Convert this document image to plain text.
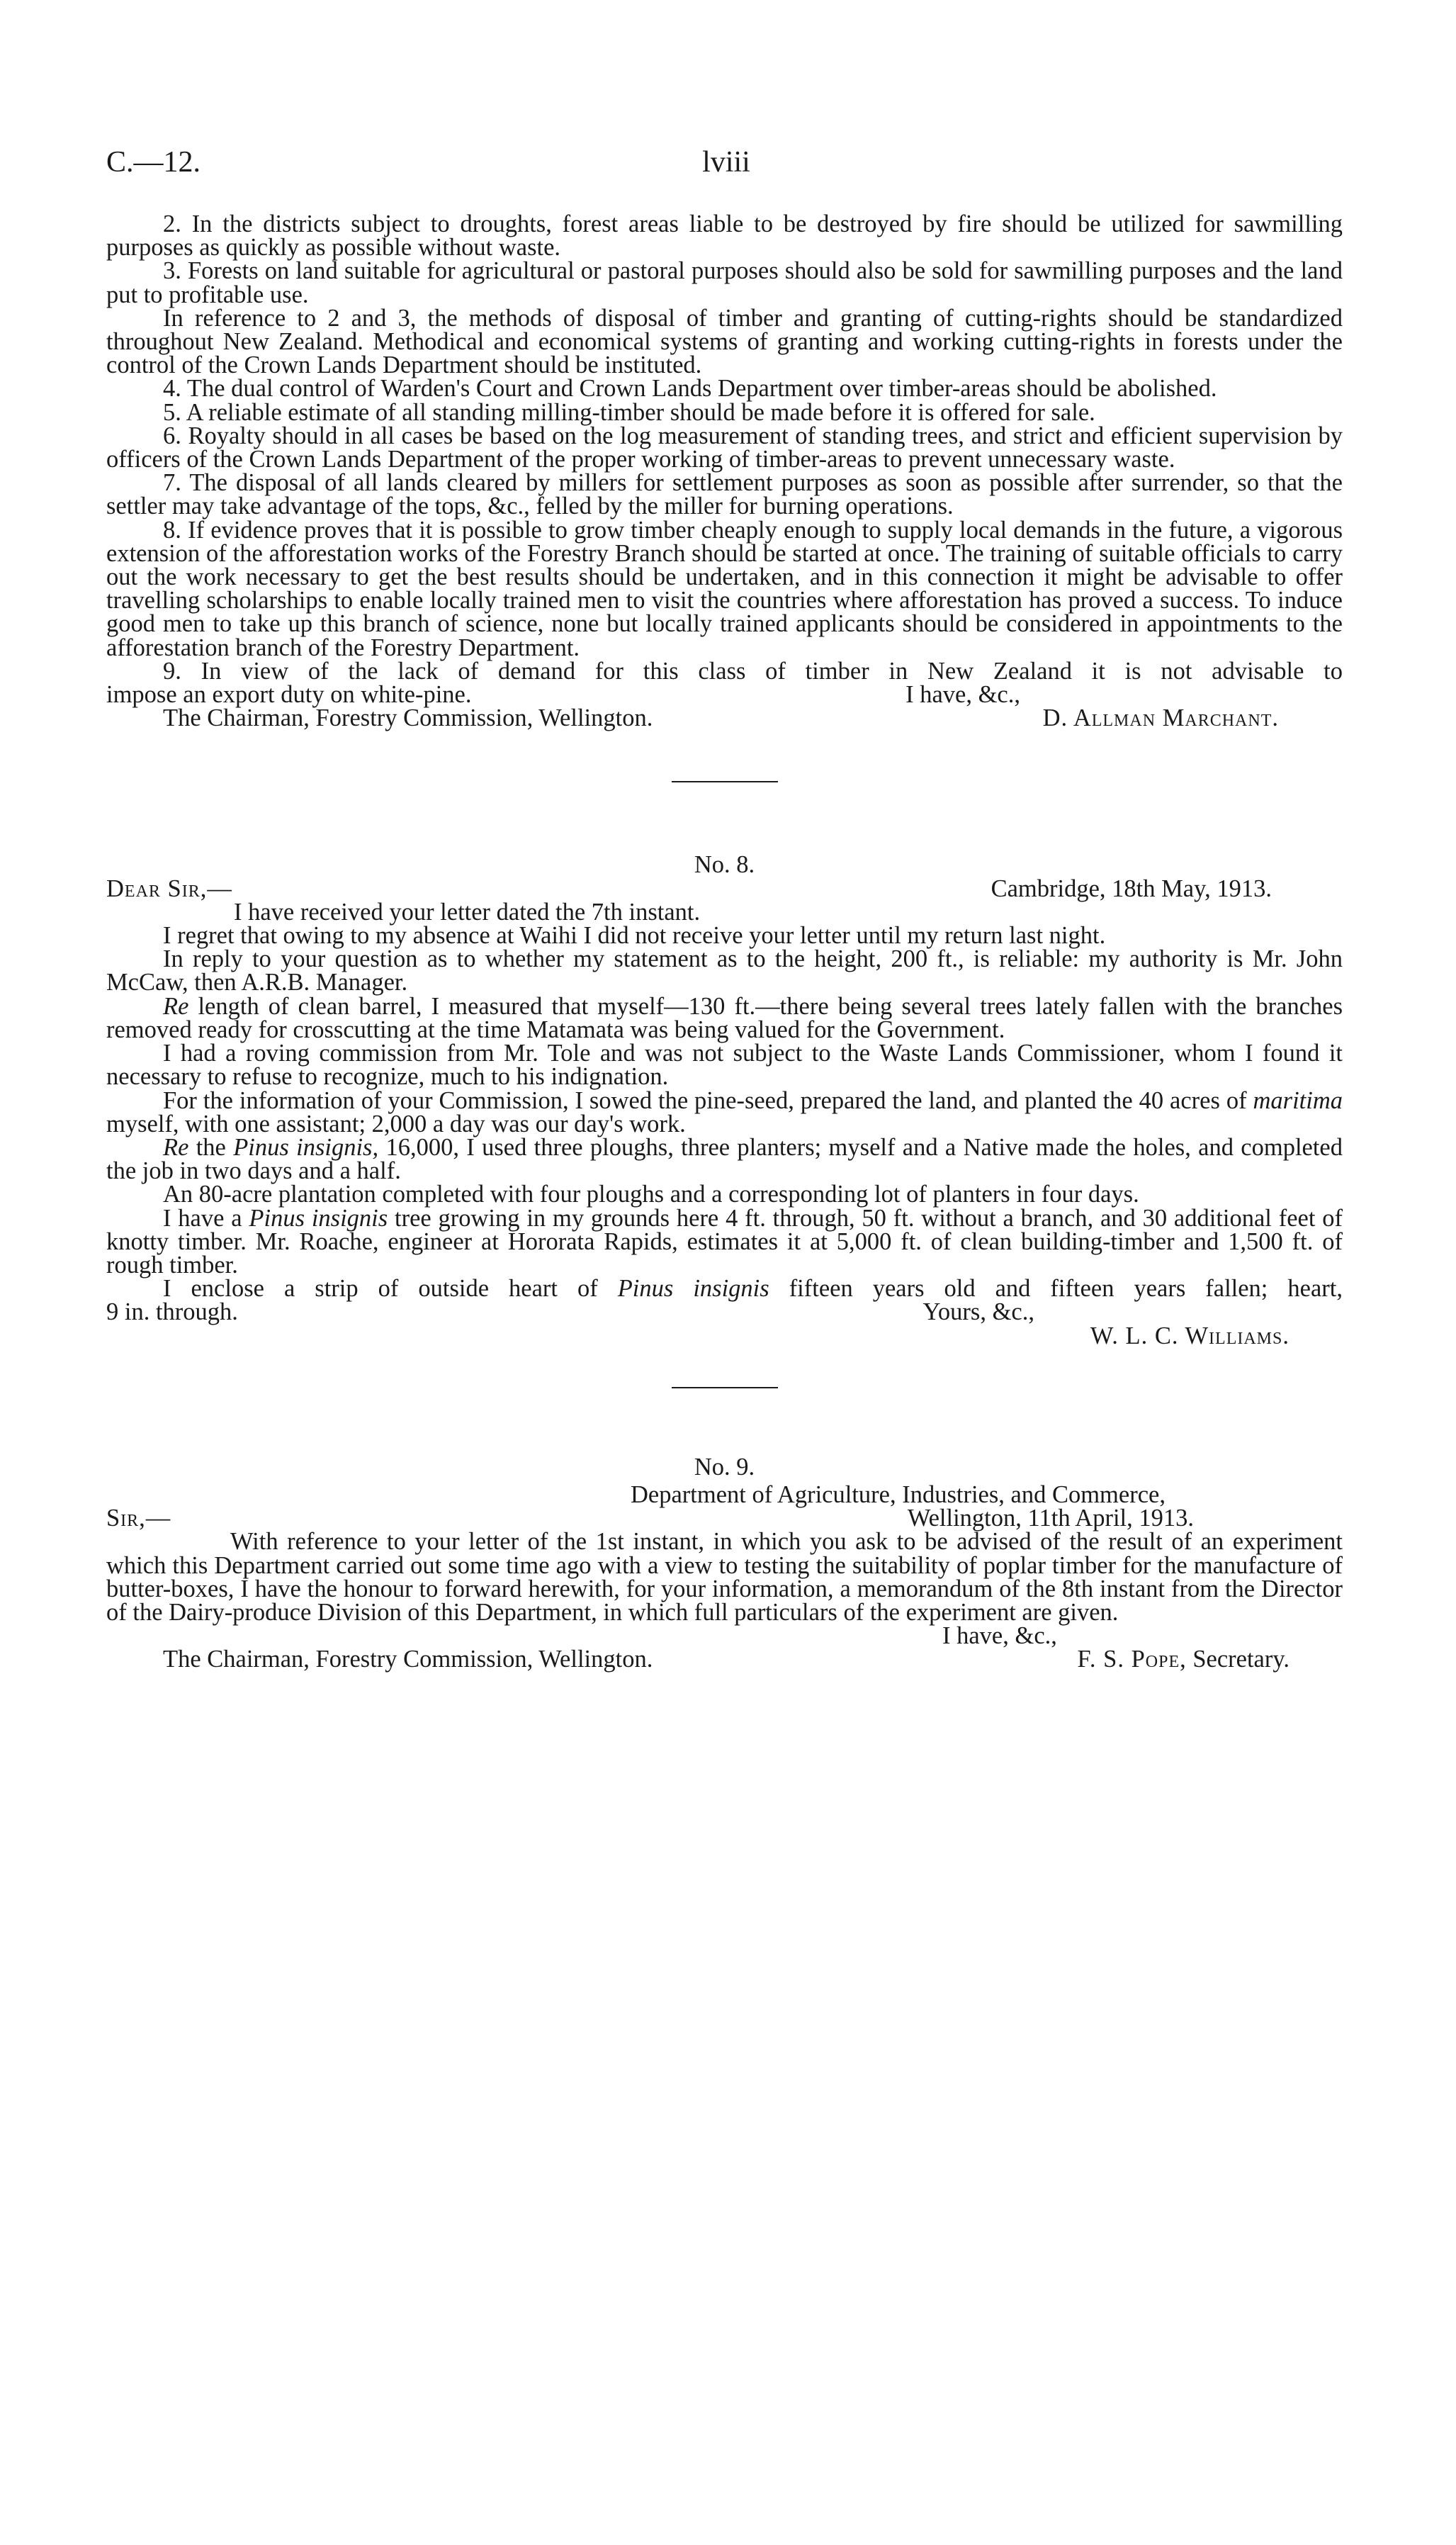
C.—12.	lviii

2. In the districts subject to droughts, forest areas liable to be destroyed by fire should be utilized for sawmilling purposes as quickly as possible without waste.

3. Forests on land suitable for agricultural or pastoral purposes should also be sold for sawmilling purposes and the land put to profitable use.

In reference to 2 and 3, the methods of disposal of timber and granting of cutting-rights should be standardized throughout New Zealand. Methodical and economical systems of granting and working cutting-rights in forests under the control of the Crown Lands Department should be instituted.

4. The dual control of Warden's Court and Crown Lands Department over timber-areas should be abolished.

5. A reliable estimate of all standing milling-timber should be made before it is offered for sale.

6. Royalty should in all cases be based on the log measurement of standing trees, and strict and efficient supervision by officers of the Crown Lands Department of the proper working of timber-areas to prevent unnecessary waste.

7. The disposal of all lands cleared by millers for settlement purposes as soon as possible after surrender, so that the settler may take advantage of the tops, &c., felled by the miller for burning operations.

8. If evidence proves that it is possible to grow timber cheaply enough to supply local demands in the future, a vigorous extension of the afforestation works of the Forestry Branch should be started at once. The training of suitable officials to carry out the work necessary to get the best results should be undertaken, and in this connection it might be advisable to offer travelling scholarships to enable locally trained men to visit the countries where afforestation has proved a success. To induce good men to take up this branch of science, none but locally trained applicants should be considered in appointments to the afforestation branch of the Forestry Department.

9. In view of the lack of demand for this class of timber in New Zealand it is not advisable to

impose an export duty on white-pine.	I have, &c.,
The Chairman, Forestry Commission, Wellington.	D. Allman Marchant.
No. 8.
Dear Sir,—	Cambridge, 18th May, 1913.

I have received your letter dated the 7th instant.

I regret that owing to my absence at Waihi I did not receive your letter until my return last night.

In reply to your question as to whether my statement as to the height, 200 ft., is reliable: my authority is Mr. John McCaw, then A.R.B. Manager.

Re length of clean barrel, I measured that myself—130 ft.—there being several trees lately fallen with the branches removed ready for crosscutting at the time Matamata was being valued for the Government.

I had a roving commission from Mr. Tole and was not subject to the Waste Lands Commissioner, whom I found it necessary to refuse to recognize, much to his indignation.

For the information of your Commission, I sowed the pine-seed, prepared the land, and planted the 40 acres of maritima myself, with one assistant; 2,000 a day was our day's work.

Re the Pinus insignis, 16,000, I used three ploughs, three planters; myself and a Native made the holes, and completed the job in two days and a half.

An 80-acre plantation completed with four ploughs and a corresponding lot of planters in four days.

I have a Pinus insignis tree growing in my grounds here 4 ft. through, 50 ft. without a branch, and 30 additional feet of knotty timber. Mr. Roache, engineer at Hororata Rapids, estimates it at 5,000 ft. of clean building-timber and 1,500 ft. of rough timber.

I enclose a strip of outside heart of Pinus insignis fifteen years old and fifteen years fallen; heart,

9 in. through.	Yours, &c.,
W. L. C. Williams.
No. 9.
Department of Agriculture, Industries, and Commerce,
Sir,—	Wellington, 11th April, 1913.

With reference to your letter of the 1st instant, in which you ask to be advised of the result of an experiment which this Department carried out some time ago with a view to testing the suitability of poplar timber for the manufacture of butter-boxes, I have the honour to forward herewith, for your information, a memorandum of the 8th instant from the Director of the Dairy-produce Division of this Department, in which full particulars of the experiment are given.

I have, &c.,
The Chairman, Forestry Commission, Wellington.	F. S. Pope, Secretary.
